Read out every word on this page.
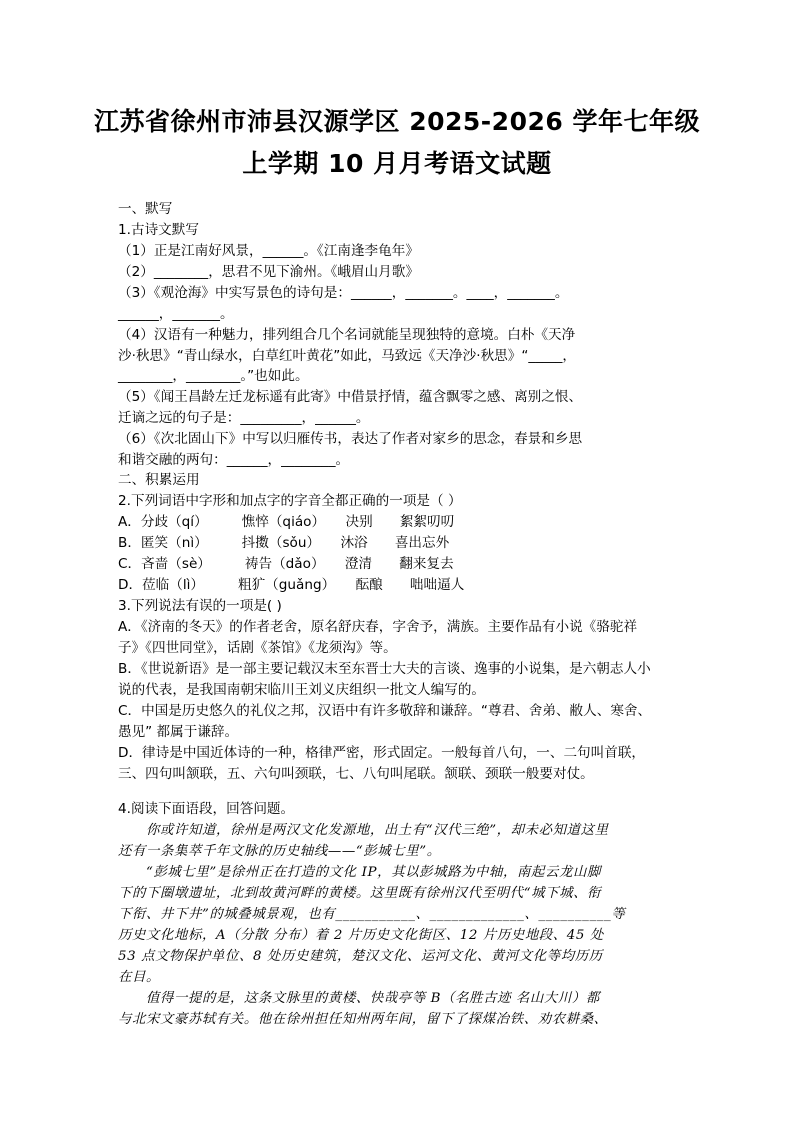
江苏省徐州市沛县汉源学区 2025-2026 学年七年级
上学期 10 月月考语文试题
一、默写
1.古诗文默写
（1）正是江南好风景，______。《江南逢李龟年》
（2）________，思君不见下渝州。《峨眉山月歌》
（3）《观沧海》中实写景色的诗句是：______，_______。____，_______。
______，_______。
（4）汉语有一种魅力，排列组合几个名词就能呈现独特的意境。白朴《天净
沙·秋思》“青山绿水，白草红叶黄花”如此，马致远《天净沙·秋思》“_____，
________，________。”也如此。
（5）《闻王昌龄左迁龙标遥有此寄》中借景抒情，蕴含飘零之感、离别之恨、
迁谪之远的句子是：_________，______。
（6）《次北固山下》中写以归雁传书，表达了作者对家乡的思念，春景和乡思
和谐交融的两句：______，________。
二、积累运用
2.下列词语中字形和加点字的字音全都正确的一项是（ ）
A．分歧（qí）　　　憔悴（qiáo）　　决别　　絮絮叨叨
B．匿笑（nì）　　　抖擞（sǒu）　　沐浴　　喜出忘外
C．吝啬（sè）　　　祷告（dǎo）　　澄清　　翻来复去
D．莅临（lì）　　　粗犷（guǎng）　　酝酿　　咄咄逼人
3.下列说法有误的一项是( )
A．《济南的冬天》的作者老舍，原名舒庆春，字舍予，满族。主要作品有小说《骆驼祥
子》《四世同堂》，话剧《茶馆》《龙须沟》等。
B．《世说新语》是一部主要记载汉末至东晋士大夫的言谈、逸事的小说集，是六朝志人小
说的代表，是我国南朝宋临川王刘义庆组织一批文人编写的。
C．中国是历史悠久的礼仪之邦，汉语中有许多敬辞和谦辞。“尊君、舍弟、敝人、寒舍、
愚见” 都属于谦辞。
D．律诗是中国近体诗的一种，格律严密，形式固定。一般每首八句，一、二句叫首联，
三、四句叫颔联，五、六句叫颈联，七、八句叫尾联。颔联、颈联一般要对仗。
4.阅读下面语段，回答问题。
你或许知道，徐州是两汉文化发源地，出土有“汉代三绝”，却未必知道这里
还有一条集萃千年文脉的历史轴线——“彭城七里”。
“彭城七里”是徐州正在打造的文化 IP，其以彭城路为中轴，南起云龙山脚
下的下圈墩遗址，北到故黄河畔的黄楼。这里既有徐州汉代至明代“城下城、衔
下衔、井下井”的城叠城景观，也有___________、_____________、__________等
历史文化地标，A（分散 分布）着 2 片历史文化街区、12 片历史地段、45 处
53 点文物保护单位、8 处历史建筑，楚汉文化、运河文化、黄河文化等均历历
在目。
值得一提的是，这条文脉里的黄楼、快哉亭等 B（名胜古迹 名山大川）都
与北宋文豪苏轼有关。他在徐州担任知州两年间，留下了探煤冶铁、劝农耕桑、
